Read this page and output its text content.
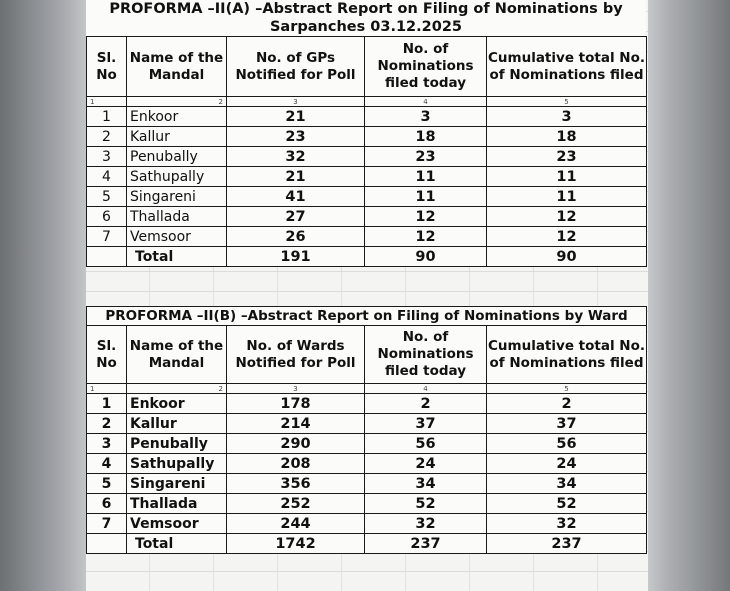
PROFORMA –II(A) –Abstract Report on Filing of Nominations by
Sarpanches 03.12.2025
Sl. No	Name of the Mandal	No. of GPs Notified for Poll	No. of Nominations filed today	Cumulative total No. of Nominations filed
1	2	3	4	5
1	Enkoor	21	3	3
2	Kallur	23	18	18
3	Penubally	32	23	23
4	Sathupally	21	11	11
5	Singareni	41	11	11
6	Thallada	27	12	12
7	Vemsoor	26	12	12
	Total	191	90	90
PROFORMA –II(B) –Abstract Report on Filing of Nominations by Ward				
Sl. No	Name of the Mandal	No. of Wards Notified for Poll	No. of Nominations filed today	Cumulative total No. of Nominations filed
1	2	3	4	5
1	Enkoor	178	2	2
2	Kallur	214	37	37
3	Penubally	290	56	56
4	Sathupally	208	24	24
5	Singareni	356	34	34
6	Thallada	252	52	52
7	Vemsoor	244	32	32
	Total	1742	237	237
